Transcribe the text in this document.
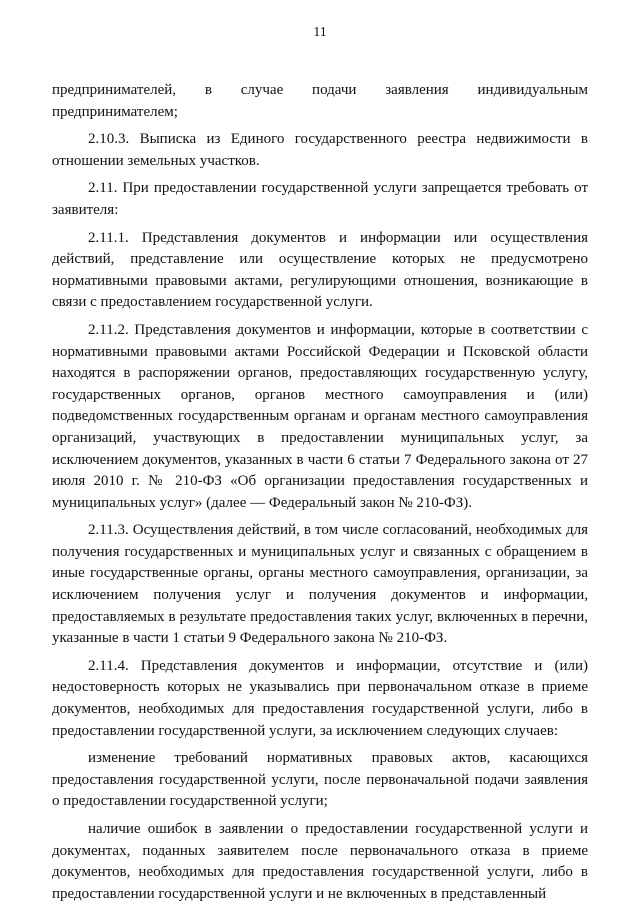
11

предпринимателей, в случае подачи заявления индивидуальным предпринимателем;

2.10.3. Выписка из Единого государственного реестра недвижимости в отношении земельных участков.

2.11. При предоставлении государственной услуги запрещается требовать от заявителя:

2.11.1. Представления документов и информации или осуществления действий, представление или осуществление которых не предусмотрено нормативными правовыми актами, регулирующими отношения, возникающие в связи с предоставлением государственной услуги.

2.11.2. Представления документов и информации, которые в соответствии с нормативными правовыми актами Российской Федерации и Псковской области находятся в распоряжении органов, предоставляющих государственную услугу, государственных органов, органов местного самоуправления и (или) подведомственных государственным органам и органам местного самоуправления организаций, участвующих в предоставлении муниципальных услуг, за исключением документов, указанных в части 6 статьи 7 Федерального закона от 27 июля 2010 г. № 210-ФЗ «Об организации предоставления государственных и муниципальных услуг» (далее — Федеральный закон № 210-ФЗ).

2.11.3. Осуществления действий, в том числе согласований, необходимых для получения государственных и муниципальных услуг и связанных с обращением в иные государственные органы, органы местного самоуправления, организации, за исключением получения услуг и получения документов и информации, предоставляемых в результате предоставления таких услуг, включенных в перечни, указанные в части 1 статьи 9 Федерального закона № 210-ФЗ.

2.11.4. Представления документов и информации, отсутствие и (или) недостоверность которых не указывались при первоначальном отказе в приеме документов, необходимых для предоставления государственной услуги, либо в предоставлении государственной услуги, за исключением следующих случаев:

изменение требований нормативных правовых актов, касающихся предоставления государственной услуги, после первоначальной подачи заявления о предоставлении государственной услуги;

наличие ошибок в заявлении о предоставлении государственной услуги и документах, поданных заявителем после первоначального отказа в приеме документов, необходимых для предоставления государственной услуги, либо в предоставлении государственной услуги и не включенных в представленный
